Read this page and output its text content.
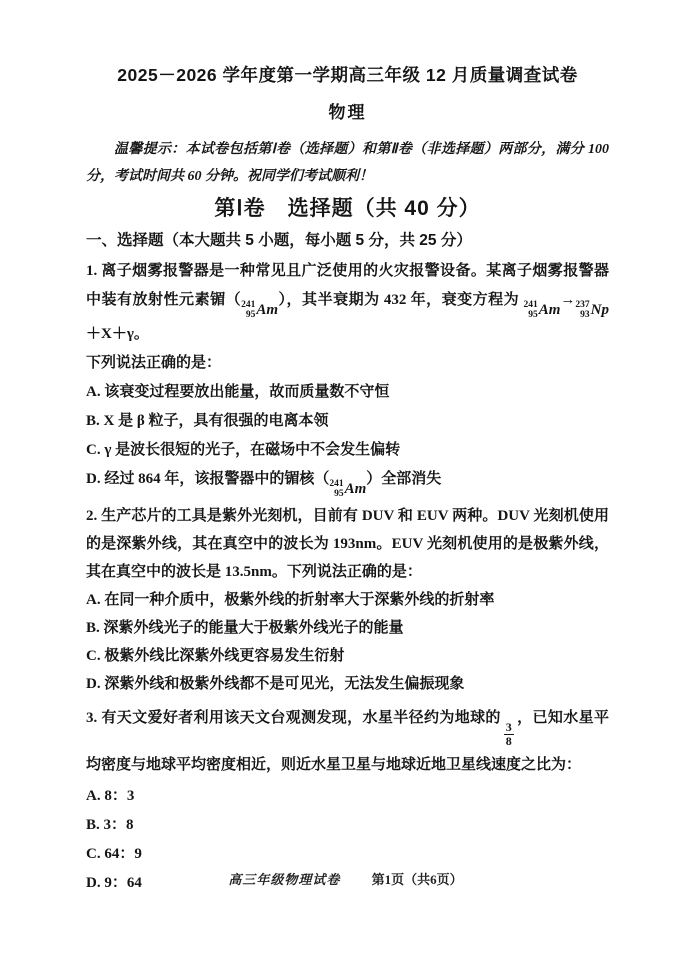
2025－2026 学年度第一学期高三年级 12 月质量调查试卷
物理

温馨提示：本试卷包括第Ⅰ卷（选择题）和第Ⅱ卷（非选择题）两部分，满分 100 分，考试时间共 60 分钟。祝同学们考试顺利！

第Ⅰ卷　选择题（共 40 分）
一、选择题（本大题共 5 小题，每小题 5 分，共 25 分）

1. 离子烟雾报警器是一种常见且广泛使用的火灾报警设备。某离子烟雾报警器中装有放射性元素镅（ 241
95 Am
），其半衰期为 432 年，衰变方程为 241
95 Am
→ 237
93 Np
＋X＋γ。

下列说法正确的是：

A. 该衰变过程要放出能量，故而质量数不守恒
B. X 是 β 粒子，具有很强的电离本领
C. γ 是波长很短的光子，在磁场中不会发生偏转
D. 经过 864 年，该报警器中的镅核（ 241
95 Am
）全部消失

2. 生产芯片的工具是紫外光刻机，目前有 DUV 和 EUV 两种。DUV 光刻机使用的是深紫外线，其在真空中的波长为 193nm。EUV 光刻机使用的是极紫外线，其在真空中的波长是 13.5nm。下列说法正确的是：

A. 在同一种介质中，极紫外线的折射率大于深紫外线的折射率
B. 深紫外线光子的能量大于极紫外线光子的能量
C. 极紫外线比深紫外线更容易发生衍射
D. 深紫外线和极紫外线都不是可见光，无法发生偏振现象

3. 有天文爱好者利用该天文台观测发现，水星半径约为地球的
$\frac{3}{8}$
，已知水星平均密度与地球平均密度相近，则近水星卫星与地球近地卫星线速度之比为：

A. 8：3
B. 3：8
C. 64：9
D. 9：64	高三年级物理试卷 第1页（共6页）
